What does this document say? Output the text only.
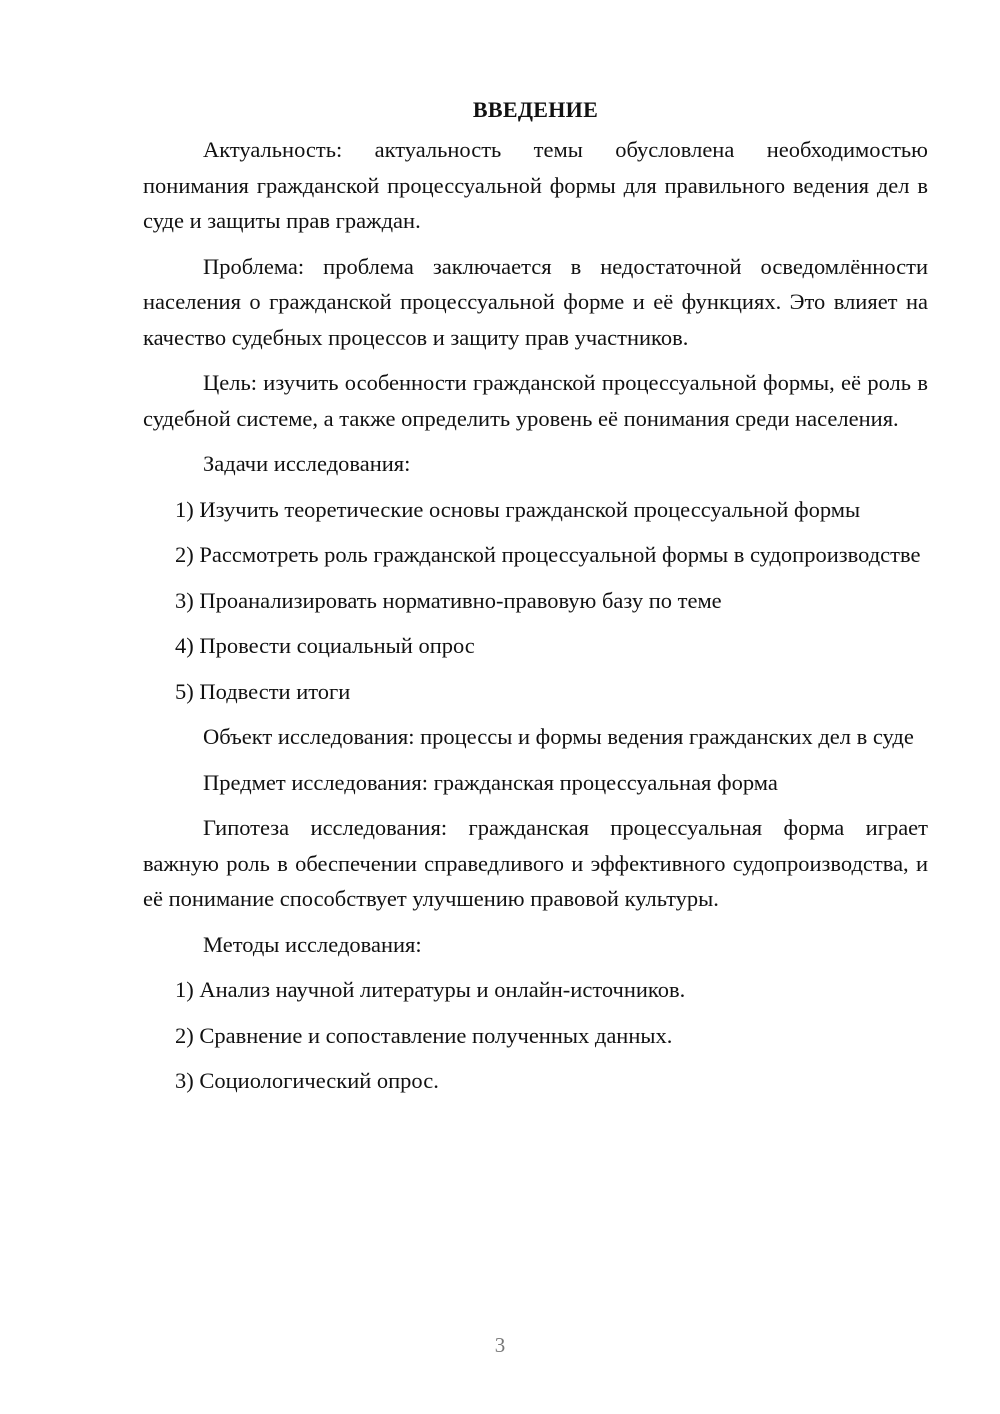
ВВЕДЕНИЕ

Актуальность: актуальность темы обусловлена необходимостью понимания гражданской процессуальной формы для правильного ведения дел в суде и защиты прав граждан.

Проблема: проблема заключается в недостаточной осведомлённости населения о гражданской процессуальной форме и её функциях. Это влияет на качество судебных процессов и защиту прав участников.

Цель: изучить особенности гражданской процессуальной формы, её роль в судебной системе, а также определить уровень её понимания среди населения.

Задачи исследования:

1) Изучить теоретические основы гражданской процессуальной формы

2) Рассмотреть роль гражданской процессуальной формы в судопроизводстве

3) Проанализировать нормативно-правовую базу по теме

4) Провести социальный опрос

5) Подвести итоги

Объект исследования: процессы и формы ведения гражданских дел в суде

Предмет исследования: гражданская процессуальная форма

Гипотеза исследования: гражданская процессуальная форма играет важную роль в обеспечении справедливого и эффективного судопроизводства, и её понимание способствует улучшению правовой культуры.

Методы исследования:

1) Анализ научной литературы и онлайн-источников.

2) Сравнение и сопоставление полученных данных.

3) Социологический опрос.

3
